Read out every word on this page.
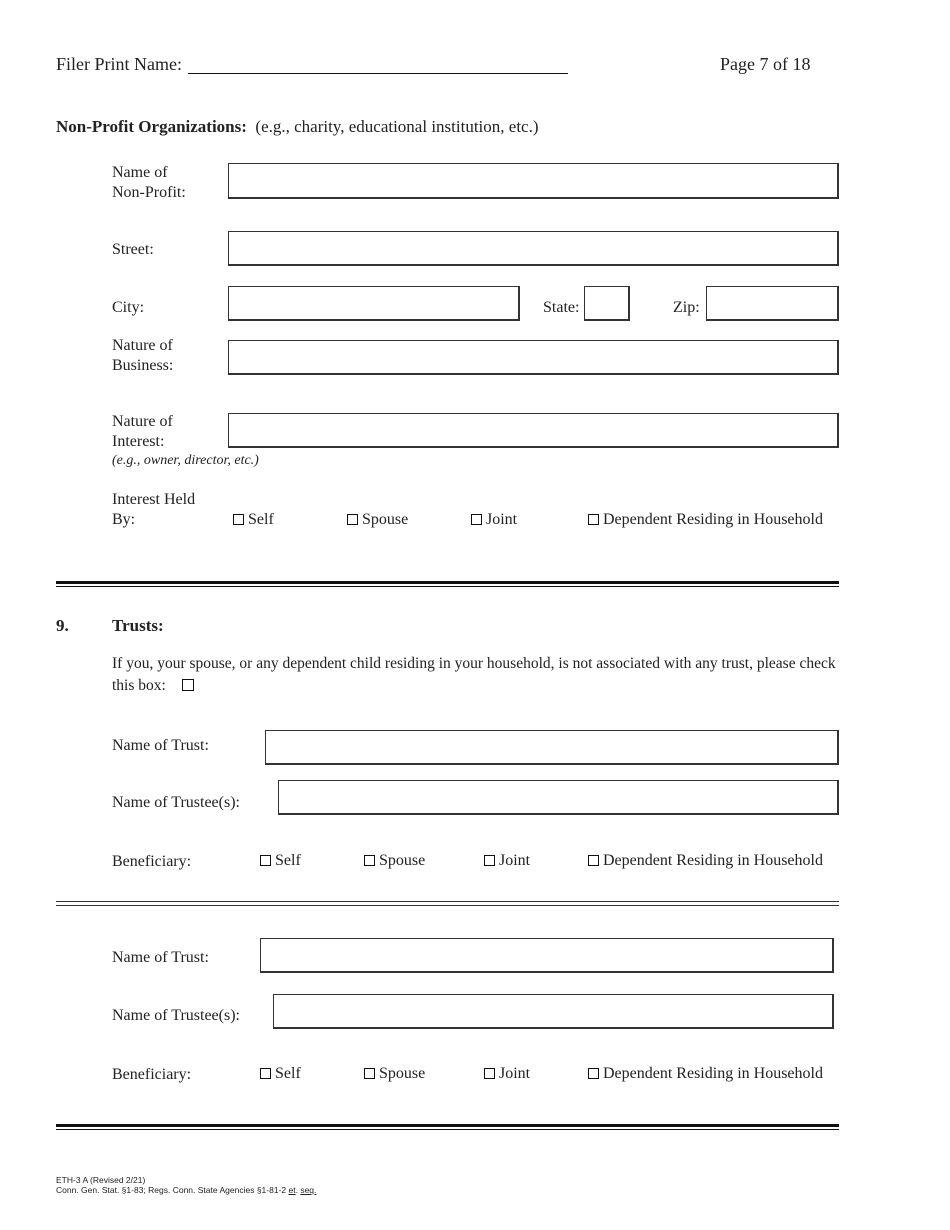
Filer Print Name:	Page 7 of 18
Non-Profit Organizations: (e.g., charity, educational institution, etc.)
Name of
Non-Profit:
Street:
City:	State:	Zip:
Nature of
Business:
Nature of
Interest:
(e.g., owner, director, etc.)
Interest Held
By:	Self	Spouse	Joint	Dependent Residing in Household
9.	Trusts:
If you, your spouse, or any dependent child residing in your household, is not associated with any trust, please check
this box:
Name of Trust:
Name of Trustee(s):
Beneficiary:	Self	Spouse	Joint	Dependent Residing in Household
Name of Trust:
Name of Trustee(s):
Beneficiary:	Self	Spouse	Joint	Dependent Residing in Household
ETH-3 A (Revised 2/21)
Conn. Gen. Stat. §1-83; Regs. Conn. State Agencies §1-81-2 et. seq.
